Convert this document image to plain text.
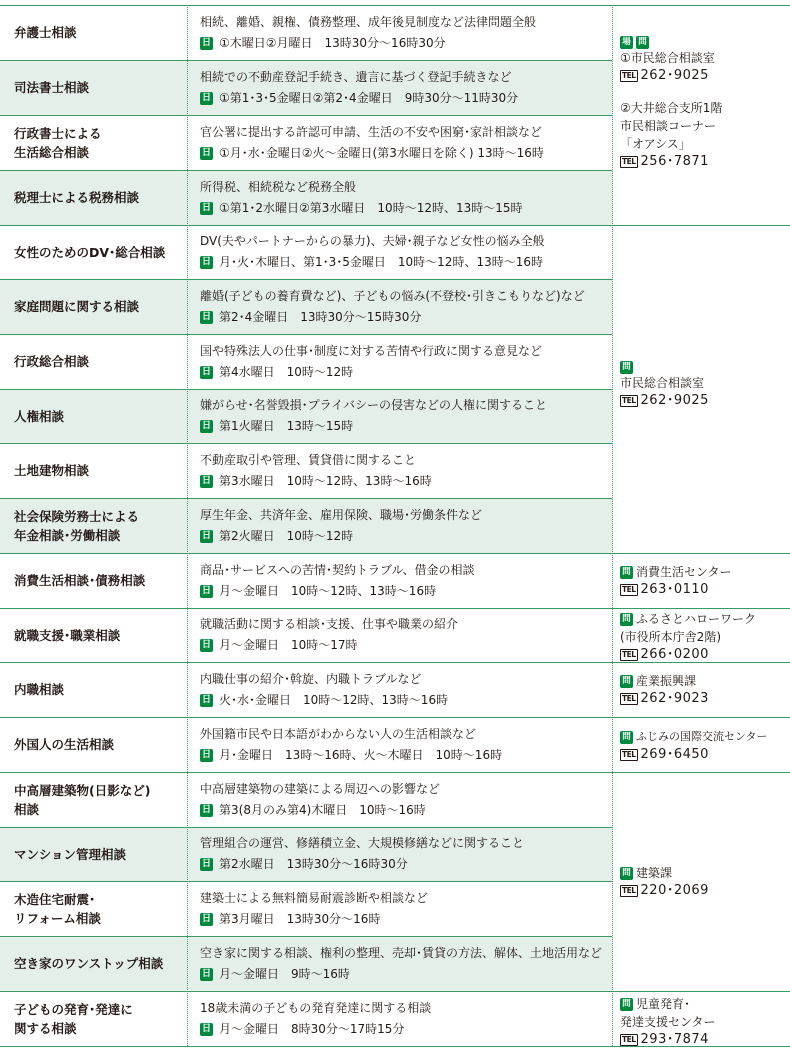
弁護士相談
相続、離婚、親権、債務整理、成年後見制度など法律問題全般
日 ①木曜日②月曜日　13時30分～16時30分
司法書士相談
相続での不動産登記手続き、遺言に基づく登記手続きなど
日 ①第1･3･5金曜日②第2･4金曜日　9時30分～11時30分
行政書士による
生活総合相談
官公署に提出する許認可申請、生活の不安や困窮･家計相談など
日 ①月･水･金曜日②火～金曜日(第3水曜日を除く) 13時～16時
税理士による税務相談
所得税、相続税など税務全般
日 ①第1･2水曜日②第3水曜日　10時～12時、13時～15時
女性のためのDV･総合相談
DV(夫やパートナーからの暴力)、夫婦･親子など女性の悩み全般
日 月･火･木曜日、第1･3･5金曜日　10時～12時、13時～16時
家庭問題に関する相談
離婚(子どもの養育費など)、子どもの悩み(不登校･引きこもりなど)など
日 第2･4金曜日　13時30分～15時30分
行政総合相談
国や特殊法人の仕事･制度に対する苦情や行政に関する意見など
日 第4水曜日　10時～12時
人権相談
嫌がらせ･名誉毀損･プライバシーの侵害などの人権に関すること
日 第1火曜日　13時～15時
土地建物相談
不動産取引や管理、賃貸借に関すること
日 第3水曜日　10時～12時、13時～16時
社会保険労務士による
年金相談･労働相談
厚生年金、共済年金、雇用保険、職場･労働条件など
日 第2火曜日　10時～12時
消費生活相談･債務相談
商品･サービスへの苦情･契約トラブル、借金の相談
日 月～金曜日　10時～12時、13時～16時
就職支援･職業相談
就職活動に関する相談･支援、仕事や職業の紹介
日 月～金曜日　10時～17時
内職相談
内職仕事の紹介･斡旋、内職トラブルなど
日 火･水･金曜日　10時～12時、13時～16時
外国人の生活相談
外国籍市民や日本語がわからない人の生活相談など
日 月･金曜日　13時～16時、火～木曜日　10時～16時
中高層建築物(日影など)
相談
中高層建築物の建築による周辺への影響など
日 第3(8月のみ第4)木曜日　10時～16時
マンション管理相談
管理組合の運営、修繕積立金、大規模修繕などに関すること
日 第2水曜日　13時30分～16時30分
木造住宅耐震･
リフォーム相談
建築士による無料簡易耐震診断や相談など
日 第3月曜日　13時30分～16時
空き家のワンストップ相談
空き家に関する相談、権利の整理、売却･賃貸の方法、解体、土地活用など
日 月～金曜日　9時～16時
子どもの発育･発達に
関する相談
18歳未満の子どもの発育発達に関する相談
日 月～金曜日　8時30分～17時15分
場 問
①市民総合相談室
TEL 262･9025
②大井総合支所1階
市民相談コーナー
「オアシス」
TEL 256･7871
問
市民総合相談室
TEL 262･9025
問 消費生活センター
TEL 263･0110
問 ふるさとハローワーク
(市役所本庁舎2階)
TEL 266･0200
問 産業振興課
TEL 262･9023
問 ふじみの国際交流センター
TEL 269･6450
問 建築課
TEL 220･2069
問 児童発育･
発達支援センター
TEL 293･7874
